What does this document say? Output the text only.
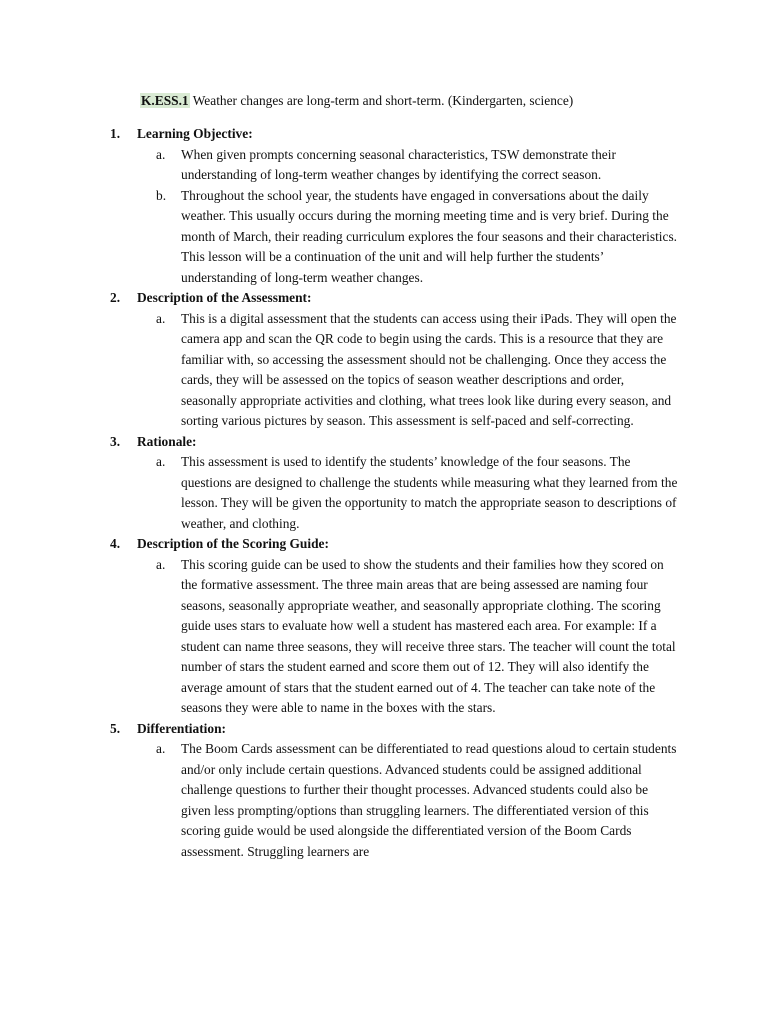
K.ESS.1 Weather changes are long-term and short-term. (Kindergarten, science)
1.	Learning Objective:
a.	When given prompts concerning seasonal characteristics, TSW demonstrate their understanding of long-term weather changes by identifying the correct season.
b.	Throughout the school year, the students have engaged in conversations about the daily weather. This usually occurs during the morning meeting time and is very brief. During the month of March, their reading curriculum explores the four seasons and their characteristics. This lesson will be a continuation of the unit and will help further the students’ understanding of long-term weather changes.
2.	Description of the Assessment:
a.	This is a digital assessment that the students can access using their iPads. They will open the camera app and scan the QR code to begin using the cards. This is a resource that they are familiar with, so accessing the assessment should not be challenging. Once they access the cards, they will be assessed on the topics of season weather descriptions and order, seasonally appropriate activities and clothing, what trees look like during every season, and sorting various pictures by season. This assessment is self-paced and self-correcting.
3.	Rationale:
a.	This assessment is used to identify the students’ knowledge of the four seasons. The questions are designed to challenge the students while measuring what they learned from the lesson. They will be given the opportunity to match the appropriate season to descriptions of weather, and clothing.
4.	Description of the Scoring Guide:
a.	This scoring guide can be used to show the students and their families how they scored on the formative assessment. The three main areas that are being assessed are naming four seasons, seasonally appropriate weather, and seasonally appropriate clothing. The scoring guide uses stars to evaluate how well a student has mastered each area. For example: If a student can name three seasons, they will receive three stars. The teacher will count the total number of stars the student earned and score them out of 12. They will also identify the average amount of stars that the student earned out of 4. The teacher can take note of the seasons they were able to name in the boxes with the stars.
5.	Differentiation:
a.	The Boom Cards assessment can be differentiated to read questions aloud to certain students and/or only include certain questions. Advanced students could be assigned additional challenge questions to further their thought processes. Advanced students could also be given less prompting/options than struggling learners. The differentiated version of this scoring guide would be used alongside the differentiated version of the Boom Cards assessment. Struggling learners are
